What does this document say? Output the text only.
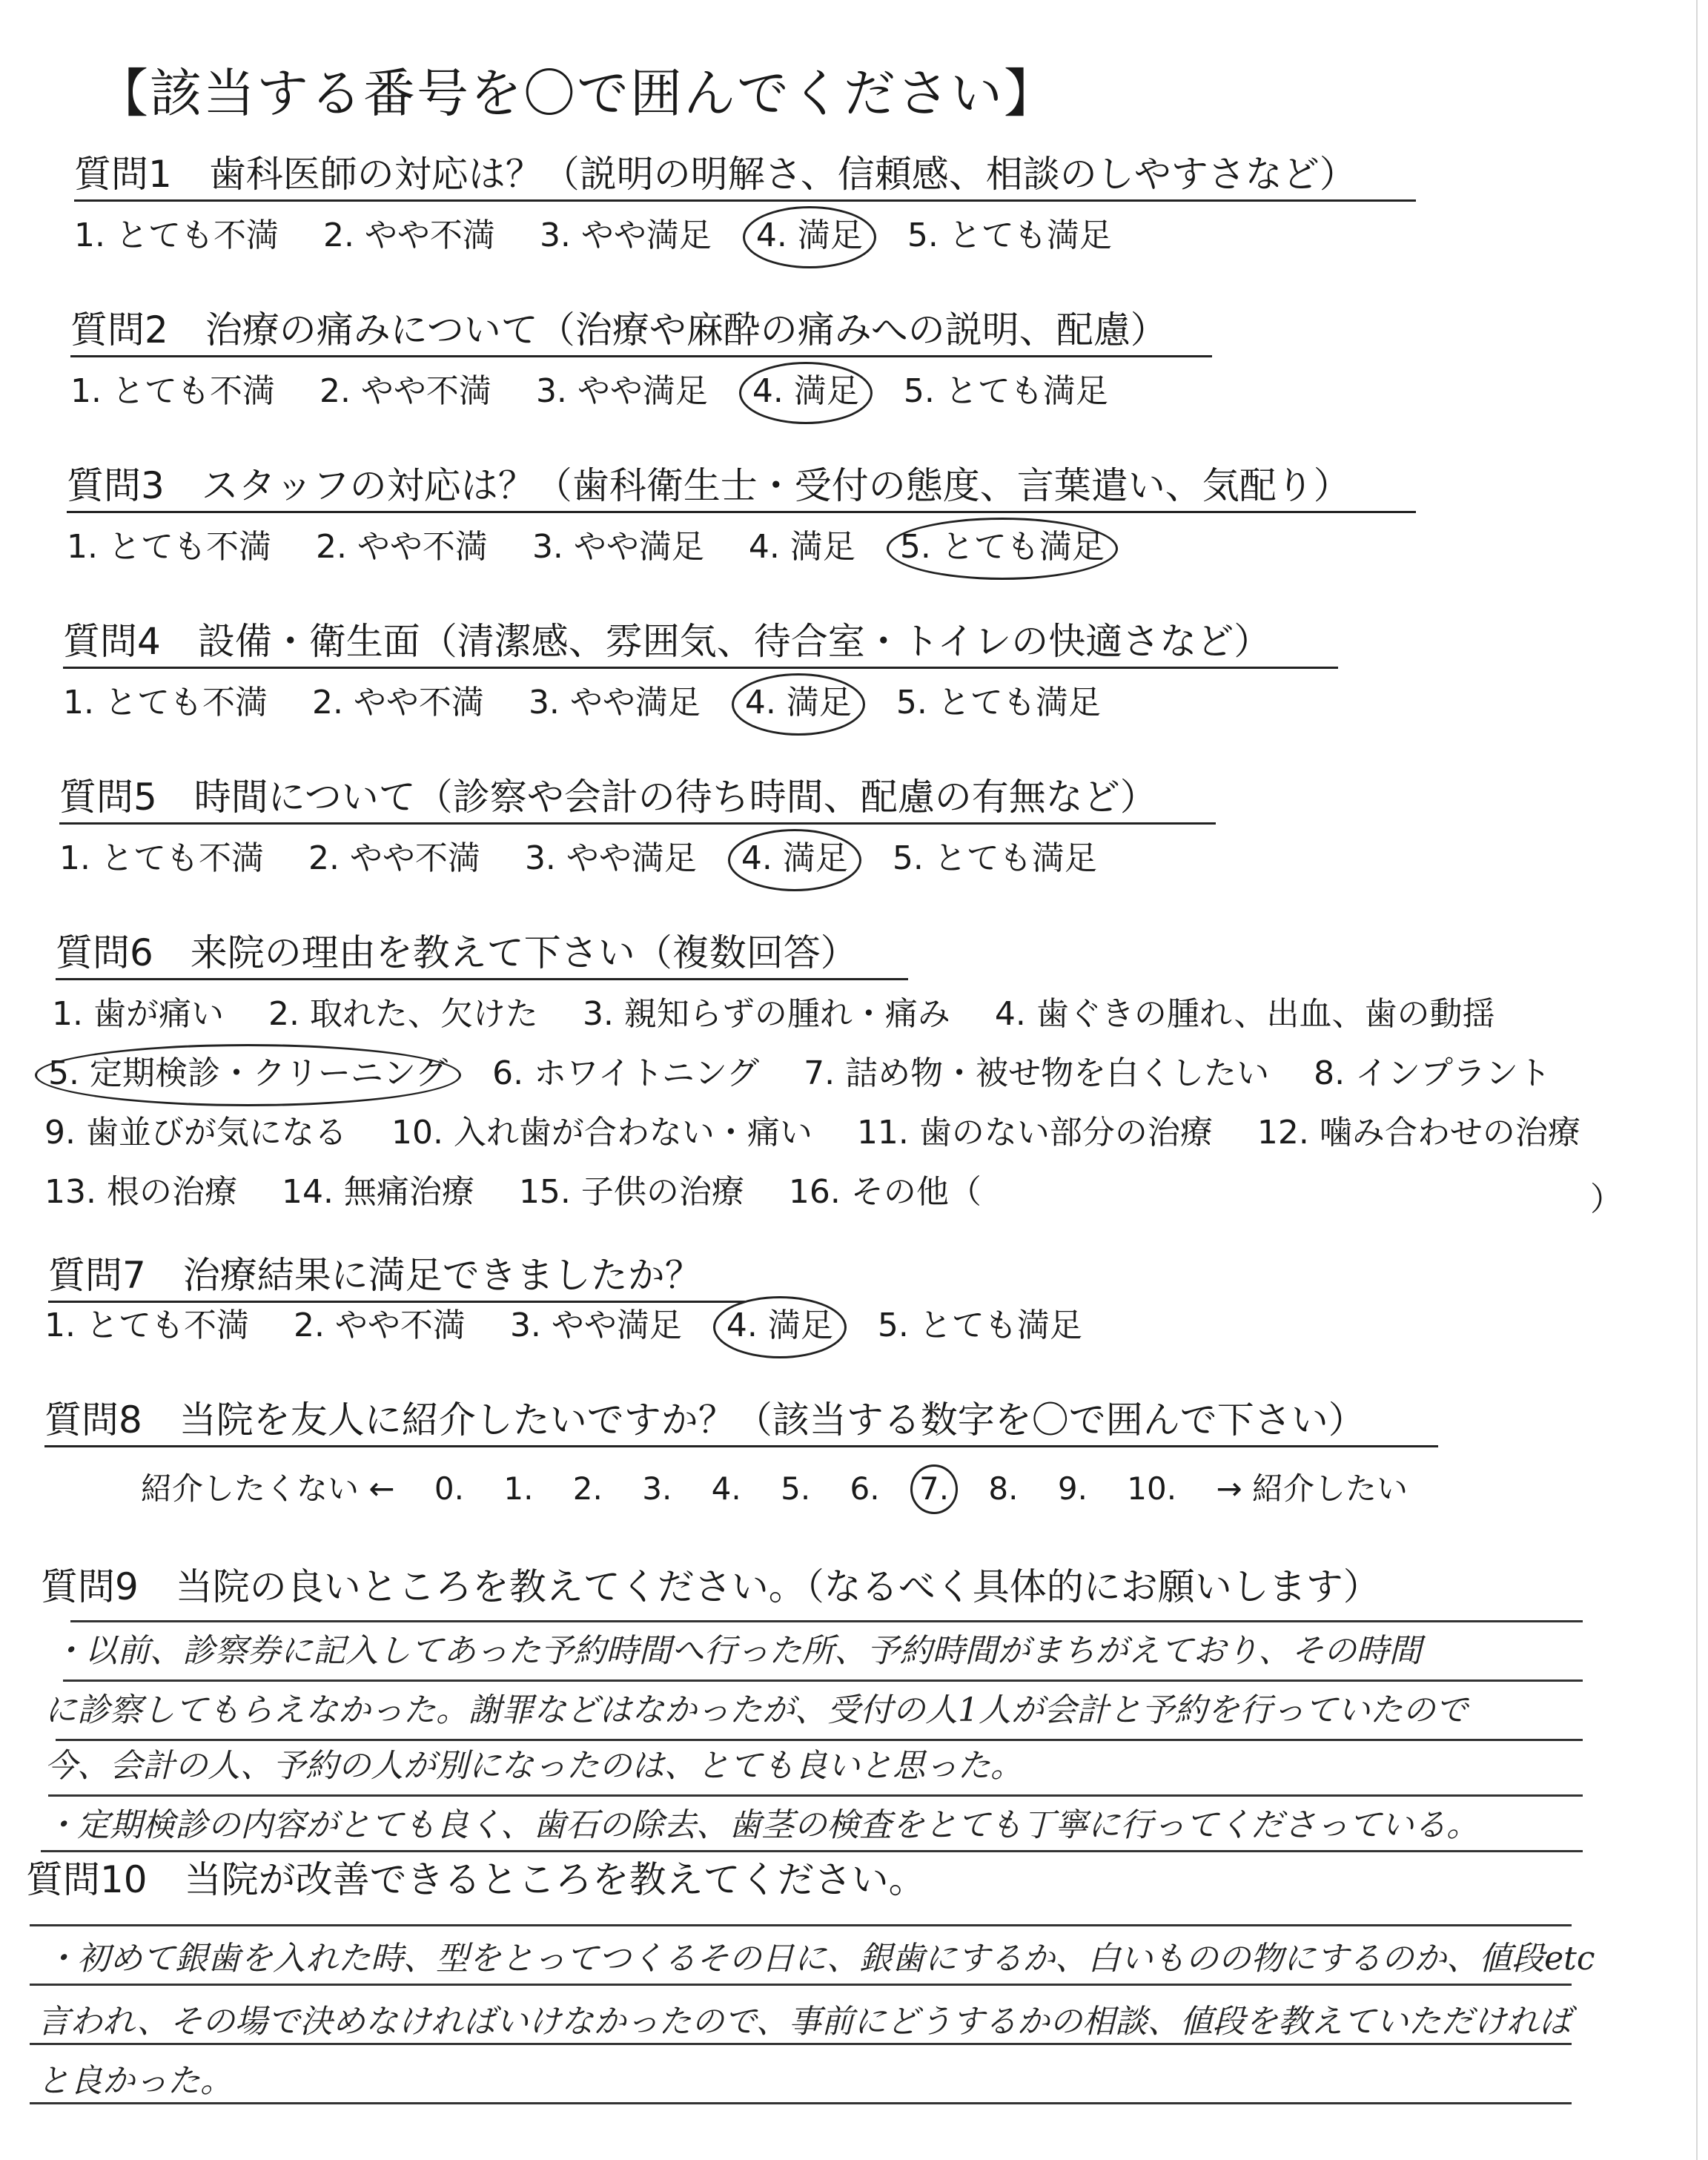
【該当する番号を〇で囲んでください】
質問1　歯科医師の対応は？（説明の明解さ、信頼感、相談のしやすさなど）
1. とても不満 2. やや不満 3. やや満足 4. 満足 5. とても満足
質問2　治療の痛みについて（治療や麻酔の痛みへの説明、配慮）
1. とても不満 2. やや不満 3. やや満足 4. 満足 5. とても満足
質問3　スタッフの対応は？（歯科衛生士・受付の態度、言葉遣い、気配り）
1. とても不満 2. やや不満 3. やや満足 4. 満足 5. とても満足
質問4　設備・衛生面（清潔感、雰囲気、待合室・トイレの快適さなど）
1. とても不満 2. やや不満 3. やや満足 4. 満足 5. とても満足
質問5　時間について（診察や会計の待ち時間、配慮の有無など）
1. とても不満 2. やや不満 3. やや満足 4. 満足 5. とても満足
質問6　来院の理由を教えて下さい（複数回答）
1. 歯が痛い 2. 取れた、欠けた 3. 親知らずの腫れ・痛み 4. 歯ぐきの腫れ、出血、歯の動揺
5. 定期検診・クリーニング 6. ホワイトニング 7. 詰め物・被せ物を白くしたい 8. インプラント
9. 歯並びが気になる 10. 入れ歯が合わない・痛い 11. 歯のない部分の治療 12. 噛み合わせの治療
13. 根の治療 14. 無痛治療 15. 子供の治療 16. その他（	）
質問7　治療結果に満足できましたか？
1. とても不満 2. やや不満 3. やや満足 4. 満足 5. とても満足
質問8　当院を友人に紹介したいですか？（該当する数字を〇で囲んで下さい）
紹介したくない ← 0. 1. 2. 3. 4. 5. 6. 7. 8. 9. 10. → 紹介したい
質問9　当院の良いところを教えてください。（なるべく具体的にお願いします）
・以前、診察券に記入してあった予約時間へ行った所、予約時間がまちがえており、その時間
に診察してもらえなかった。謝罪などはなかったが、受付の人1人が会計と予約を行っていたので
今、会計の人、予約の人が別になったのは、とても良いと思った。
・定期検診の内容がとても良く、歯石の除去、歯茎の検査をとても丁寧に行ってくださっている。
質問10　当院が改善できるところを教えてください。
・初めて銀歯を入れた時、型をとってつくるその日に、銀歯にするか、白いものの物にするのか、値段etc
言われ、その場で決めなければいけなかったので、事前にどうするかの相談、値段を教えていただければ
と良かった。
